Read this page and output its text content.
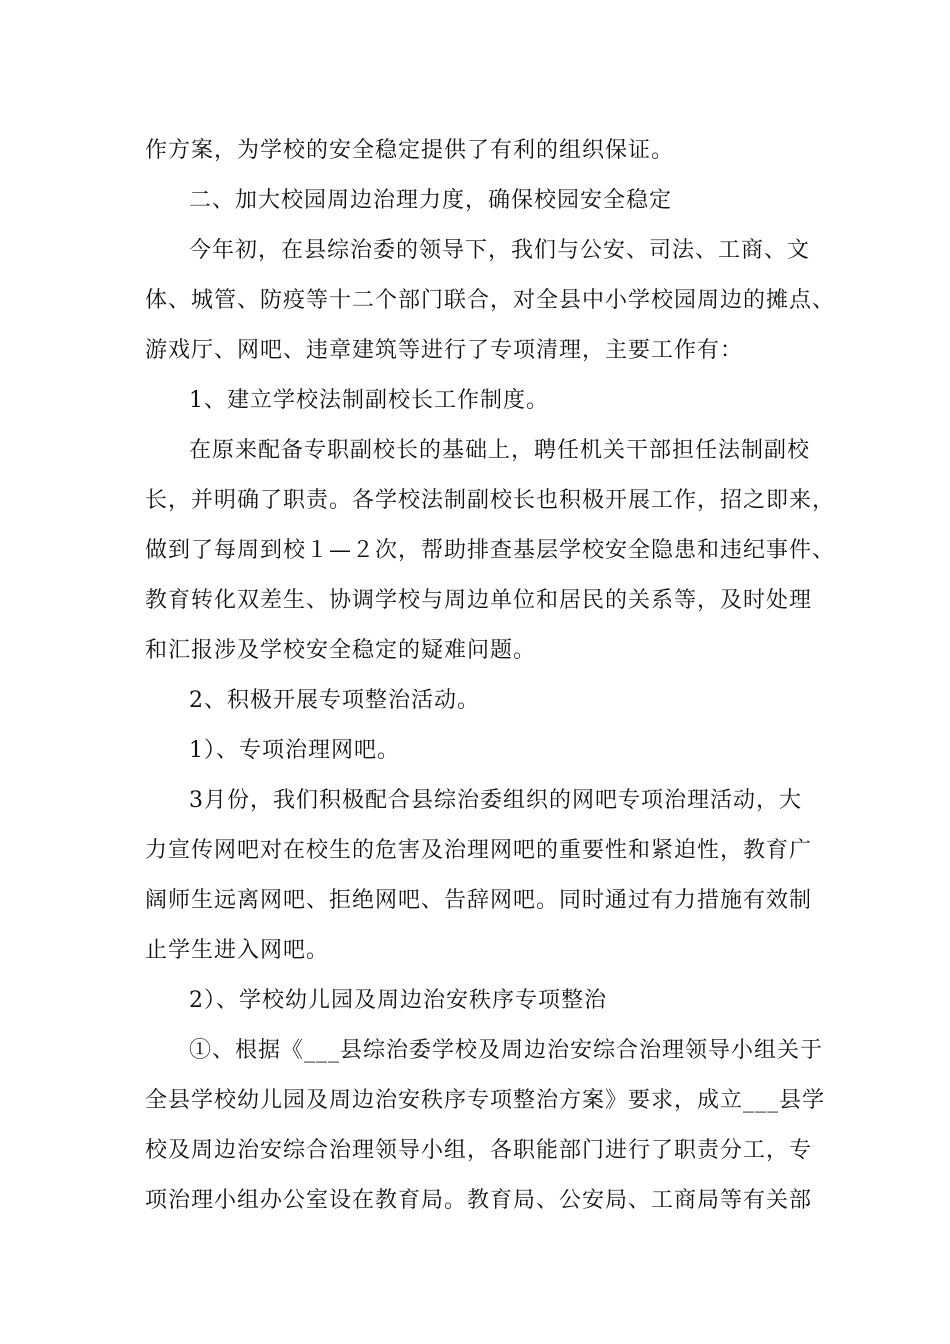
作方案，为学校的安全稳定提供了有利的组织保证。
二、加大校园周边治理力度，确保校园安全稳定
今年初，在县综治委的领导下，我们与公安、司法、工商、文
体、城管、防疫等十二个部门联合，对全县中小学校园周边的摊点、
游戏厅、网吧、违章建筑等进行了专项清理，主要工作有：
1、建立学校法制副校长工作制度。
在原来配备专职副校长的基础上，聘任机关干部担任法制副校
长，并明确了职责。各学校法制副校长也积极开展工作，招之即来，
做到了每周到校１—２次，帮助排查基层学校安全隐患和违纪事件、
教育转化双差生、协调学校与周边单位和居民的关系等，及时处理
和汇报涉及学校安全稳定的疑难问题。
2、积极开展专项整治活动。
1）、专项治理网吧。
3月份，我们积极配合县综治委组织的网吧专项治理活动，大
力宣传网吧对在校生的危害及治理网吧的重要性和紧迫性，教育广
阔师生远离网吧、拒绝网吧、告辞网吧。同时通过有力措施有效制
止学生进入网吧。
2）、学校幼儿园及周边治安秩序专项整治
①、根据《___县综治委学校及周边治安综合治理领导小组关于
全县学校幼儿园及周边治安秩序专项整治方案》要求，成立___县学
校及周边治安综合治理领导小组，各职能部门进行了职责分工，专
项治理小组办公室设在教育局。教育局、公安局、工商局等有关部
